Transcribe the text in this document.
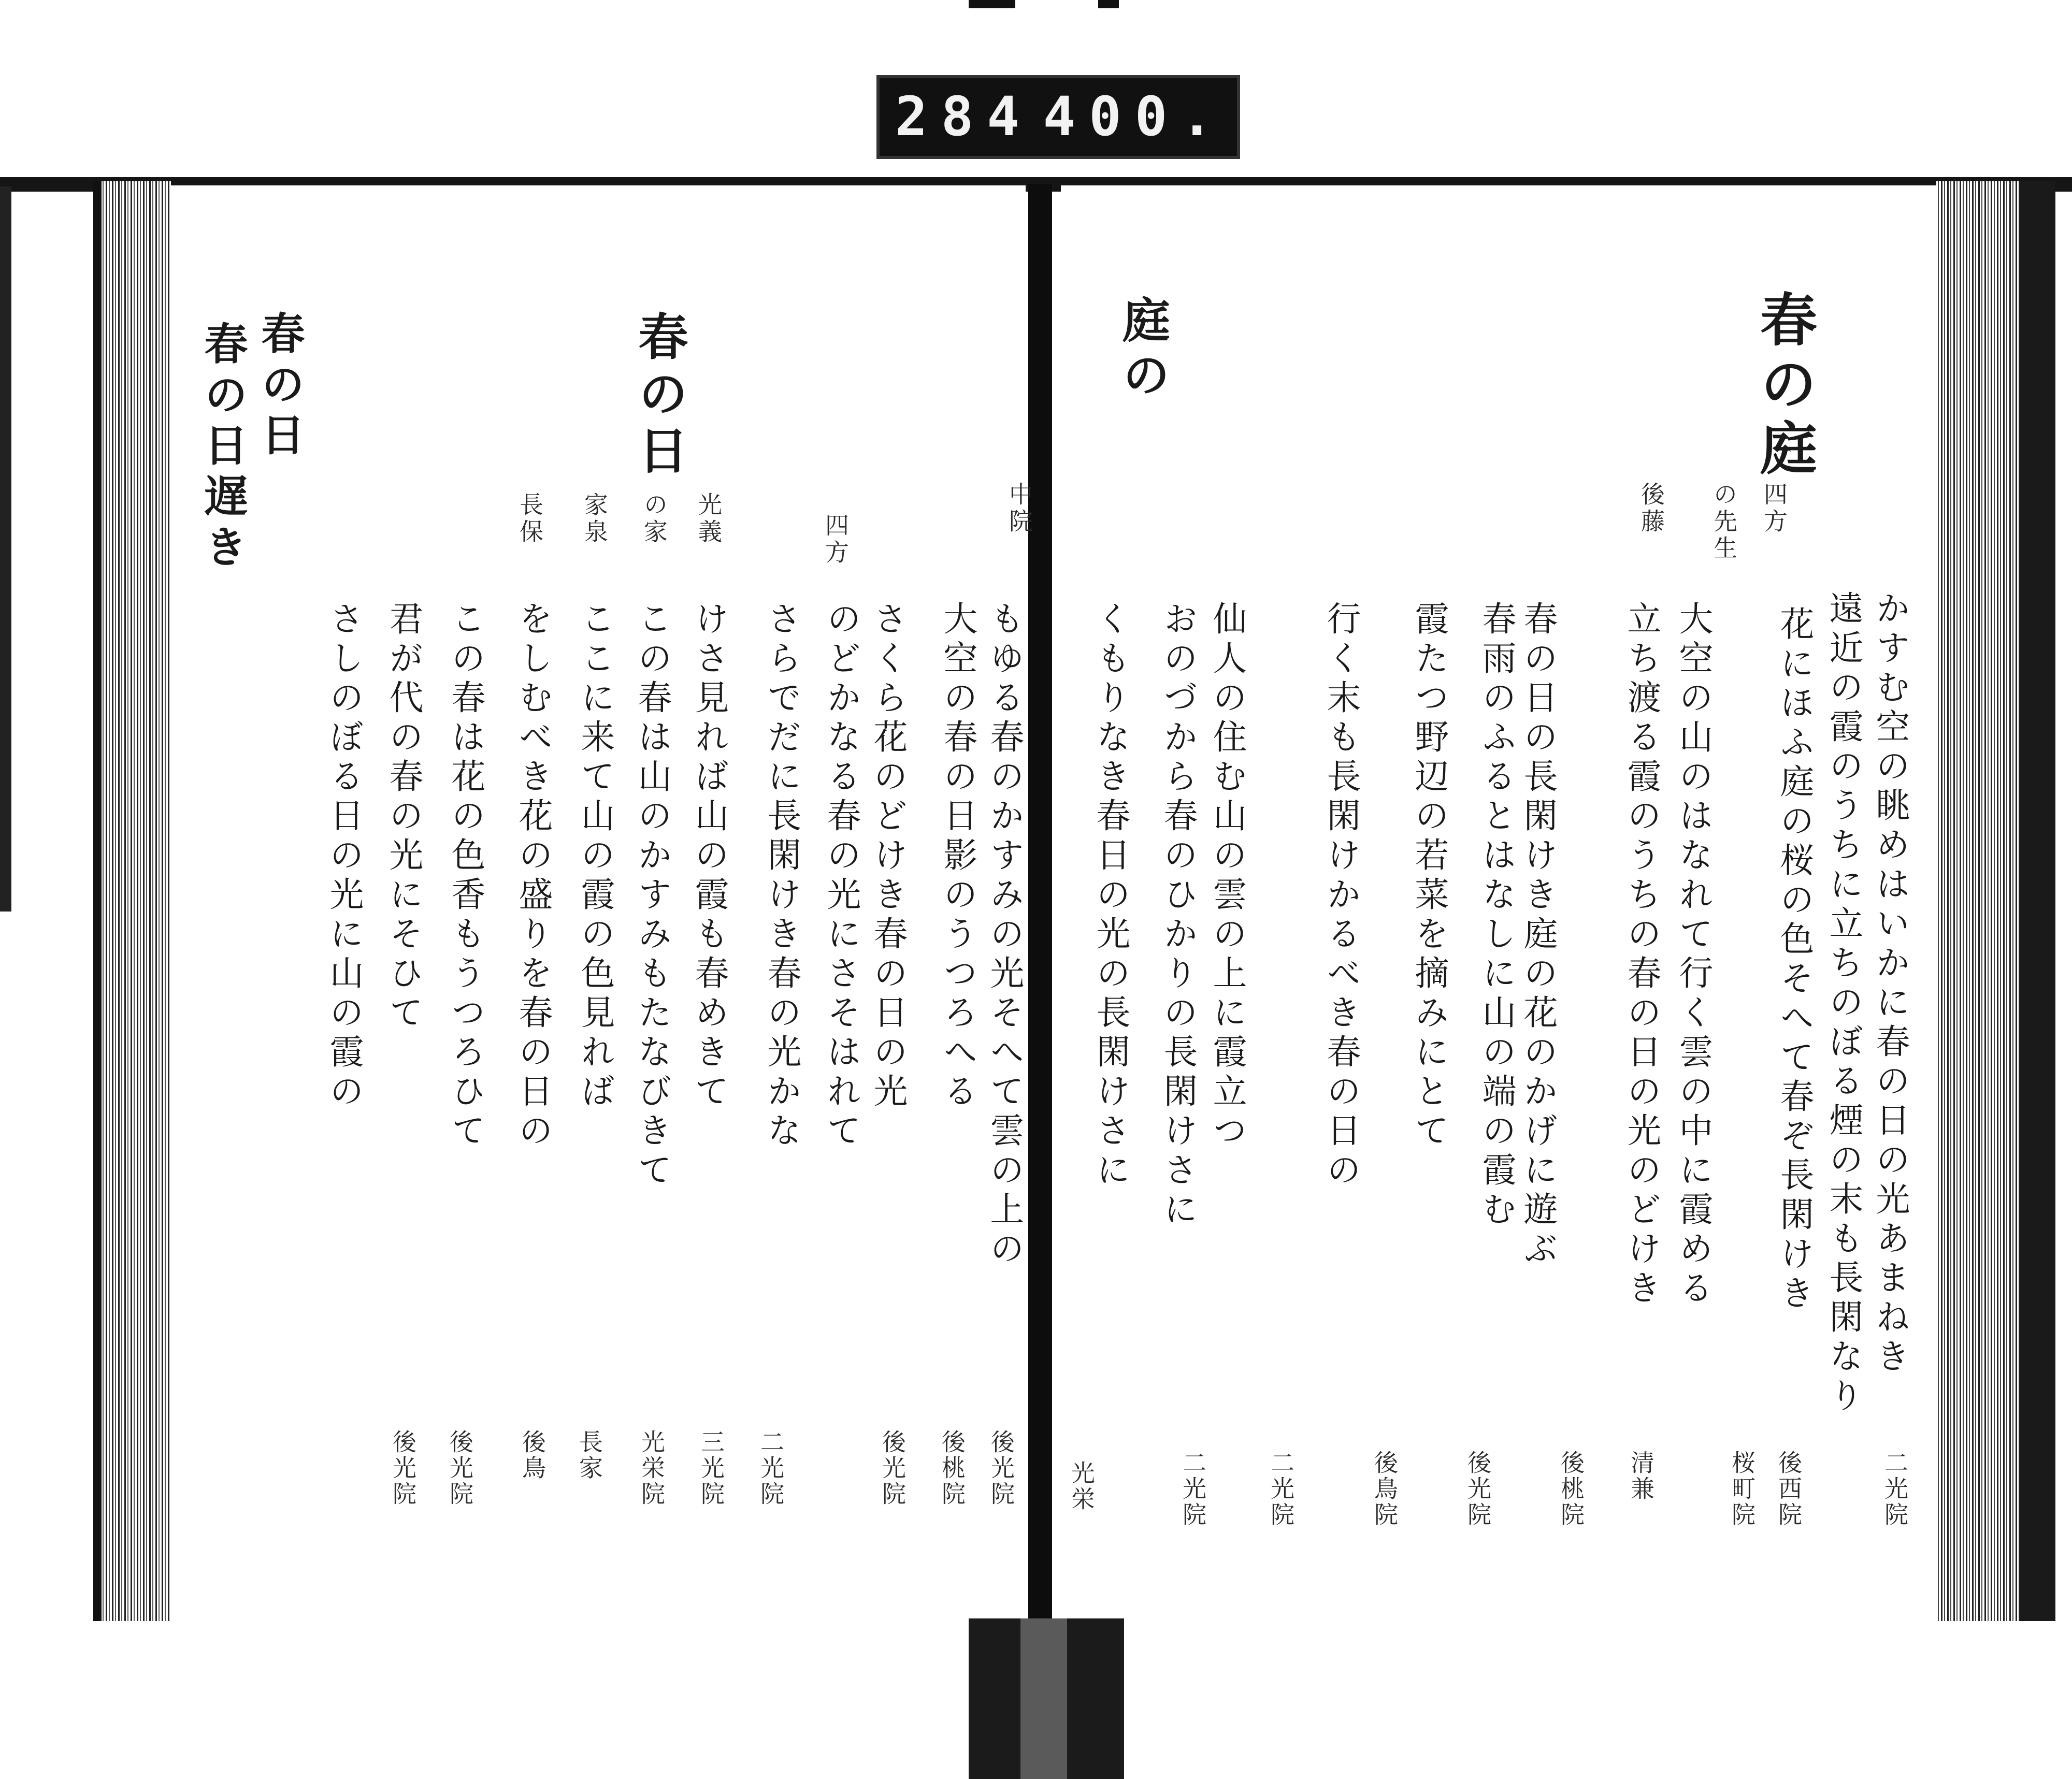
284 400.
春の庭
庭の
四方
の先生
後藤
かすむ空の眺めはいかに春の日の光あまねき
二光院
遠近の霞のうちに立ちのぼる煙の末も長閑なり
後西院
花にほふ庭の桜の色そへて春ぞ長閑けき
桜町院
大空の山のはなれて行く雲の中に霞める
清兼
立ち渡る霞のうちの春の日の光のどけき
後桃院
春の日の長閑けき庭の花のかげに遊ぶ
後光院
春雨のふるとはなしに山の端の霞む
霞たつ野辺の若菜を摘みにとて
後鳥院
行く末も長閑けかるべき春の日の
二光院
仙人の住む山の雲の上に霞立つ
二光院
おのづから春のひかりの長閑けさに
くもりなき春日の光の長閑けさに
光栄
春の日
春の日
春の日遅き	中院
四方
光義
の家
家泉
長保
もゆる春のかすみの光そへて雲の上の
後光院
大空の春の日影のうつろへる
後桃院
さくら花のどけき春の日の光
後光院
のどかなる春の光にさそはれて
さらでだに長閑けき春の光かな
二光院
けさ見れば山の霞も春めきて
三光院
この春は山のかすみもたなびきて
光栄院
ここに来て山の霞の色見れば
長家
をしむべき花の盛りを春の日の
後鳥
この春は花の色香もうつろひて
後光院
君が代の春の光にそひて
後光院
さしのぼる日の光に山の霞の
